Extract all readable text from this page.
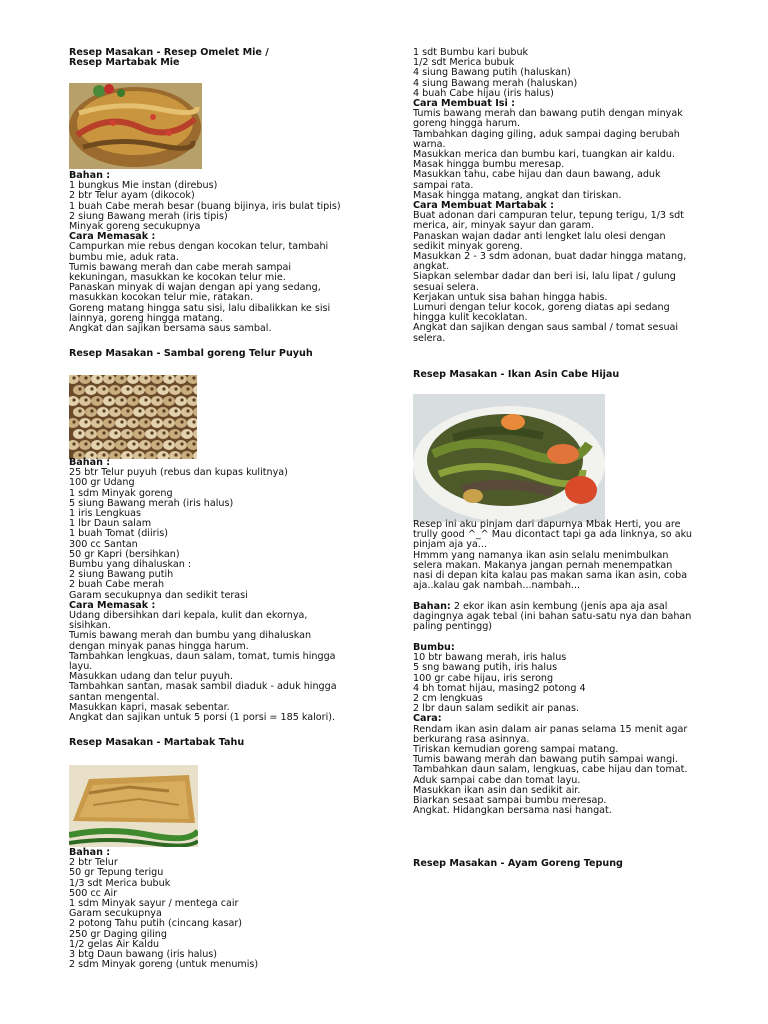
Resep Masakan - Resep Omelet Mie /
Resep Martabak Mie
Bahan :
1 bungkus Mie instan (direbus)
2 btr Telur ayam (dikocok)
1 buah Cabe merah besar (buang bijinya, iris bulat tipis)
2 siung Bawang merah (iris tipis)
Minyak goreng secukupnya
Cara Memasak :
Campurkan mie rebus dengan kocokan telur, tambahi
bumbu mie, aduk rata.
Tumis bawang merah dan cabe merah sampai
kekuningan, masukkan ke kocokan telur mie.
Panaskan minyak di wajan dengan api yang sedang,
masukkan kocokan telur mie, ratakan.
Goreng matang hingga satu sisi, lalu dibalikkan ke sisi
lainnya, goreng hingga matang.
Angkat dan sajikan bersama saus sambal.
Resep Masakan - Sambal goreng Telur Puyuh
Bahan :
25 btr Telur puyuh (rebus dan kupas kulitnya)
100 gr Udang
1 sdm Minyak goreng
5 siung Bawang merah (iris halus)
1 iris Lengkuas
1 lbr Daun salam
1 buah Tomat (diiris)
300 cc Santan
50 gr Kapri (bersihkan)
Bumbu yang dihaluskan :
2 siung Bawang putih
2 buah Cabe merah
Garam secukupnya dan sedikit terasi
Cara Memasak :
Udang dibersihkan dari kepala, kulit dan ekornya,
sisihkan.
Tumis bawang merah dan bumbu yang dihaluskan
dengan minyak panas hingga harum.
Tambahkan lengkuas, daun salam, tomat, tumis hingga
layu.
Masukkan udang dan telur puyuh.
Tambahkan santan, masak sambil diaduk - aduk hingga
santan mengental.
Masukkan kapri, masak sebentar.
Angkat dan sajikan untuk 5 porsi (1 porsi = 185 kalori).
Resep Masakan - Martabak Tahu
Bahan :
2 btr Telur
50 gr Tepung terigu
1/3 sdt Merica bubuk
500 cc Air
1 sdm Minyak sayur / mentega cair
Garam secukupnya
2 potong Tahu putih (cincang kasar)
250 gr Daging giling
1/2 gelas Air Kaldu
3 btg Daun bawang (iris halus)
2 sdm Minyak goreng (untuk menumis)
1 sdt Bumbu kari bubuk
1/2 sdt Merica bubuk
4 siung Bawang putih (haluskan)
4 siung Bawang merah (haluskan)
4 buah Cabe hijau (iris halus)
Cara Membuat Isi :
Tumis bawang merah dan bawang putih dengan minyak
goreng hingga harum.
Tambahkan daging giling, aduk sampai daging berubah
warna.
Masukkan merica dan bumbu kari, tuangkan air kaldu.
Masak hingga bumbu meresap.
Masukkan tahu, cabe hijau dan daun bawang, aduk
sampai rata.
Masak hingga matang, angkat dan tiriskan.
Cara Membuat Martabak :
Buat adonan dari campuran telur, tepung terigu, 1/3 sdt
merica, air, minyak sayur dan garam.
Panaskan wajan dadar anti lengket lalu olesi dengan
sedikit minyak goreng.
Masukkan 2 - 3 sdm adonan, buat dadar hingga matang,
angkat.
Siapkan selembar dadar dan beri isi, lalu lipat / gulung
sesuai selera.
Kerjakan untuk sisa bahan hingga habis.
Lumuri dengan telur kocok, goreng diatas api sedang
hingga kulit kecoklatan.
Angkat dan sajikan dengan saus sambal / tomat sesuai
selera.
Resep Masakan - Ikan Asin Cabe Hijau
Resep ini aku pinjam dari dapurnya Mbak Herti, you are
trully good ^_^ Mau dicontact tapi ga ada linknya, so aku
pinjam aja ya...
Hmmm yang namanya ikan asin selalu menimbulkan
selera makan. Makanya jangan pernah menempatkan
nasi di depan kita kalau pas makan sama ikan asin, coba
aja..kalau gak nambah...nambah...
Bahan: 2 ekor ikan asin kembung (jenis apa aja asal
dagingnya agak tebal (ini bahan satu-satu nya dan bahan
paling pentingg)
Bumbu:
10 btr bawang merah, iris halus
5 sng bawang putih, iris halus
100 gr cabe hijau, iris serong
4 bh tomat hijau, masing2 potong 4
2 cm lengkuas
2 lbr daun salam sedikit air panas.
Cara:
Rendam ikan asin dalam air panas selama 15 menit agar
berkurang rasa asinnya.
Tiriskan kemudian goreng sampai matang.
Tumis bawang merah dan bawang putih sampai wangi.
Tambahkan daun salam, lengkuas, cabe hijau dan tomat.
Aduk sampai cabe dan tomat layu.
Masukkan ikan asin dan sedikit air.
Biarkan sesaat sampai bumbu meresap.
Angkat. Hidangkan bersama nasi hangat.
Resep Masakan - Ayam Goreng Tepung
